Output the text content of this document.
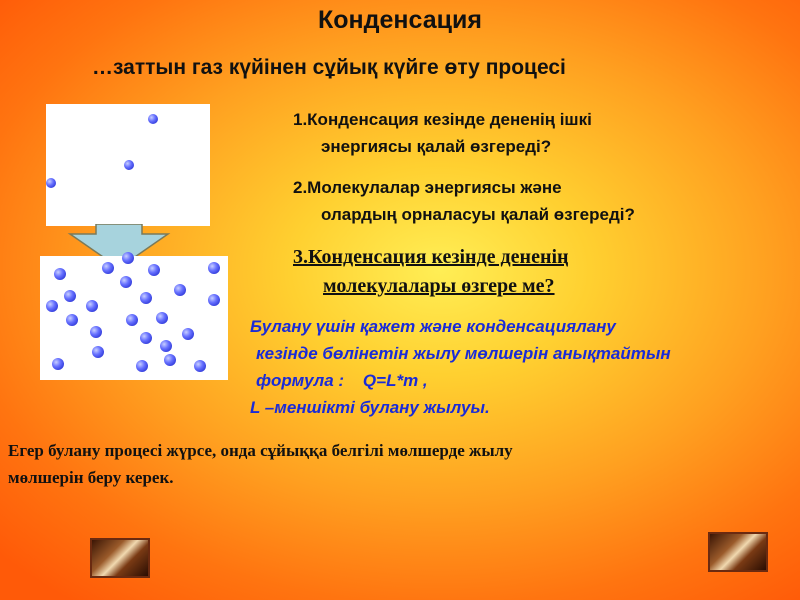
Конденсация
…заттын газ күйінен сұйық күйге өту процесі
1.Конденсация кезінде дененің ішкі
энергиясы қалай өзгереді?
2.Молекулалар энергиясы және
олардың орналасуы қалай өзгереді?
3.Конденсация кезінде дененің
молекулалары өзгере ме?
Булану үшін қажет және конденсациялану
кезінде бөлінетін жылу мөлшерін анықтайтын
формула :    Q=L*m ,
L –меншікті булану жылуы.
Егер булану процесі жүрсе, онда сұйыққа белгілі мөлшерде жылу
мөлшерін беру керек.
